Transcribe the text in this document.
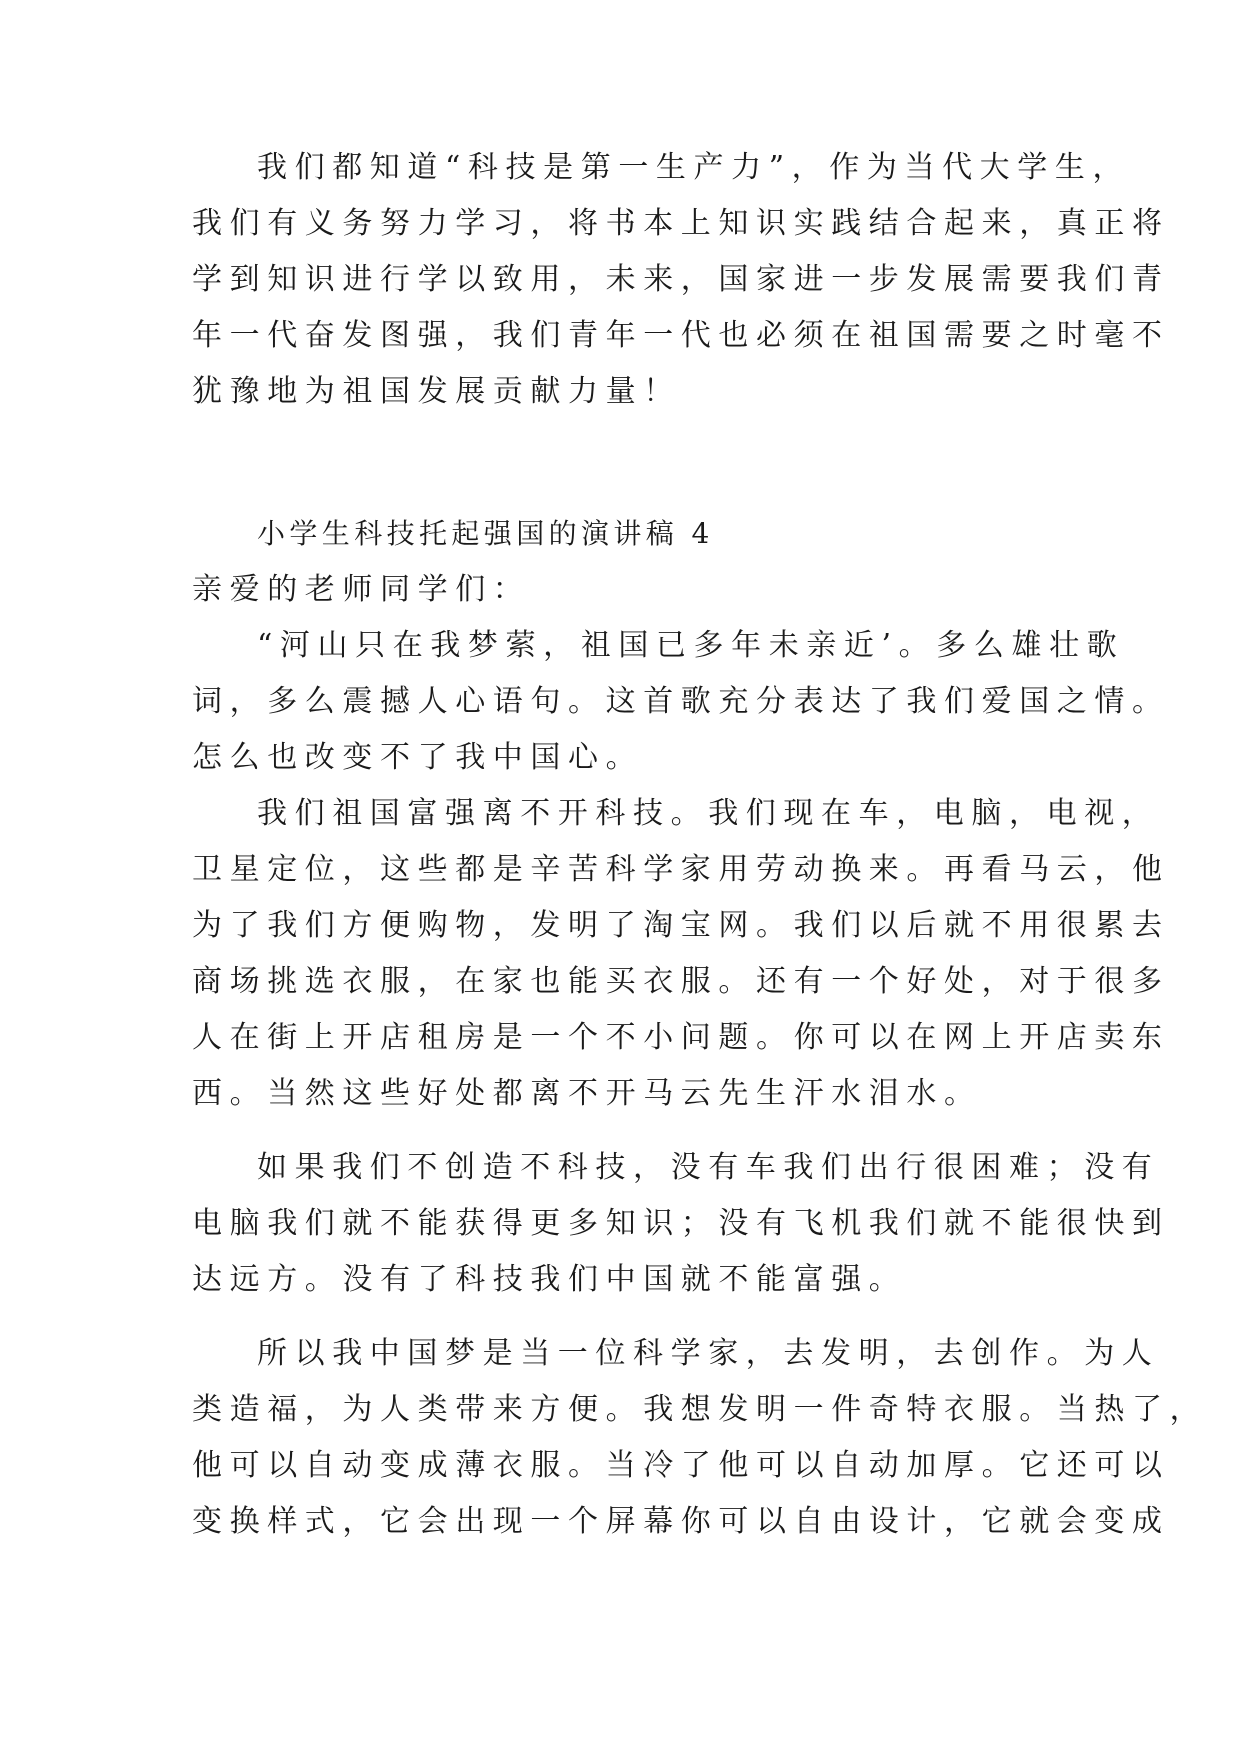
我们都知道“科技是第一生产力”，作为当代大学生，
我们有义务努力学习，将书本上知识实践结合起来，真正将
学到知识进行学以致用，未来，国家进一步发展需要我们青
年一代奋发图强，我们青年一代也必须在祖国需要之时毫不
犹豫地为祖国发展贡献力量！
小学生科技托起强国的演讲稿 4
亲爱的老师同学们：
“河山只在我梦萦，祖国已多年未亲近’。多么雄壮歌
词，多么震撼人心语句。这首歌充分表达了我们爱国之情。
怎么也改变不了我中国心。
我们祖国富强离不开科技。我们现在车，电脑，电视，
卫星定位，这些都是辛苦科学家用劳动换来。再看马云，他
为了我们方便购物，发明了淘宝网。我们以后就不用很累去
商场挑选衣服，在家也能买衣服。还有一个好处，对于很多
人在街上开店租房是一个不小问题。你可以在网上开店卖东
西。当然这些好处都离不开马云先生汗水泪水。
如果我们不创造不科技，没有车我们出行很困难；没有
电脑我们就不能获得更多知识；没有飞机我们就不能很快到
达远方。没有了科技我们中国就不能富强。
所以我中国梦是当一位科学家，去发明，去创作。为人
类造福，为人类带来方便。我想发明一件奇特衣服。当热了，
他可以自动变成薄衣服。当冷了他可以自动加厚。它还可以
变换样式，它会出现一个屏幕你可以自由设计，它就会变成
